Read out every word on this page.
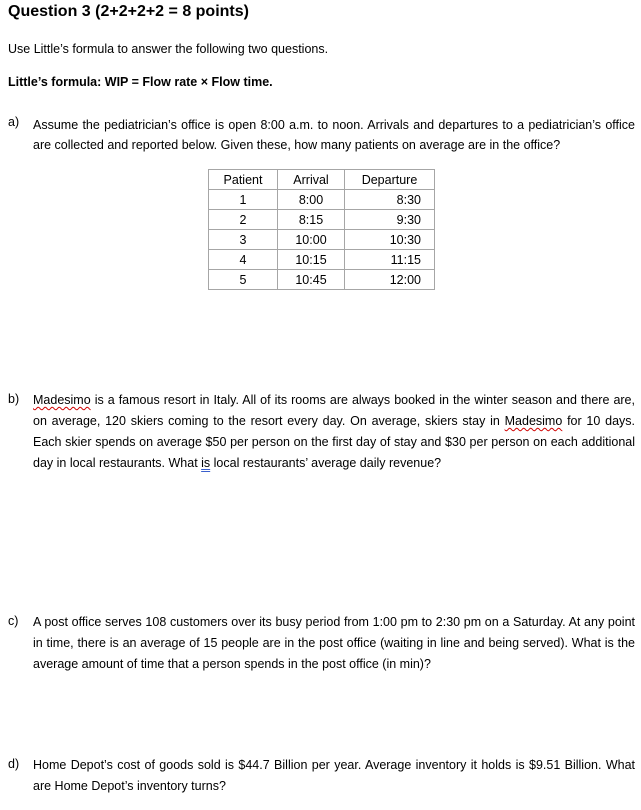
Question 3 (2+2+2+2 = 8 points)
Use Little’s formula to answer the following two questions.
Little’s formula: WIP = Flow rate × Flow time.
a) Assume the pediatrician’s office is open 8:00 a.m. to noon. Arrivals and departures to a pediatrician’s office are collected and reported below. Given these, how many patients on average are in the office?
Patient	Arrival	Departure
1	8:00	8:30
2	8:15	9:30
3	10:00	10:30
4	10:15	11:15
5	10:45	12:00
b) Madesimo is a famous resort in Italy. All of its rooms are always booked in the winter season and there are, on average, 120 skiers coming to the resort every day. On average, skiers stay in Madesimo for 10 days. Each skier spends on average $50 per person on the first day of stay and $30 per person on each additional day in local restaurants. What is local restaurants’ average daily revenue?
c) A post office serves 108 customers over its busy period from 1:00 pm to 2:30 pm on a Saturday. At any point in time, there is an average of 15 people are in the post office (waiting in line and being served). What is the average amount of time that a person spends in the post office (in min)?
d) Home Depot’s cost of goods sold is $44.7 Billion per year. Average inventory it holds is $9.51 Billion. What are Home Depot’s inventory turns?
